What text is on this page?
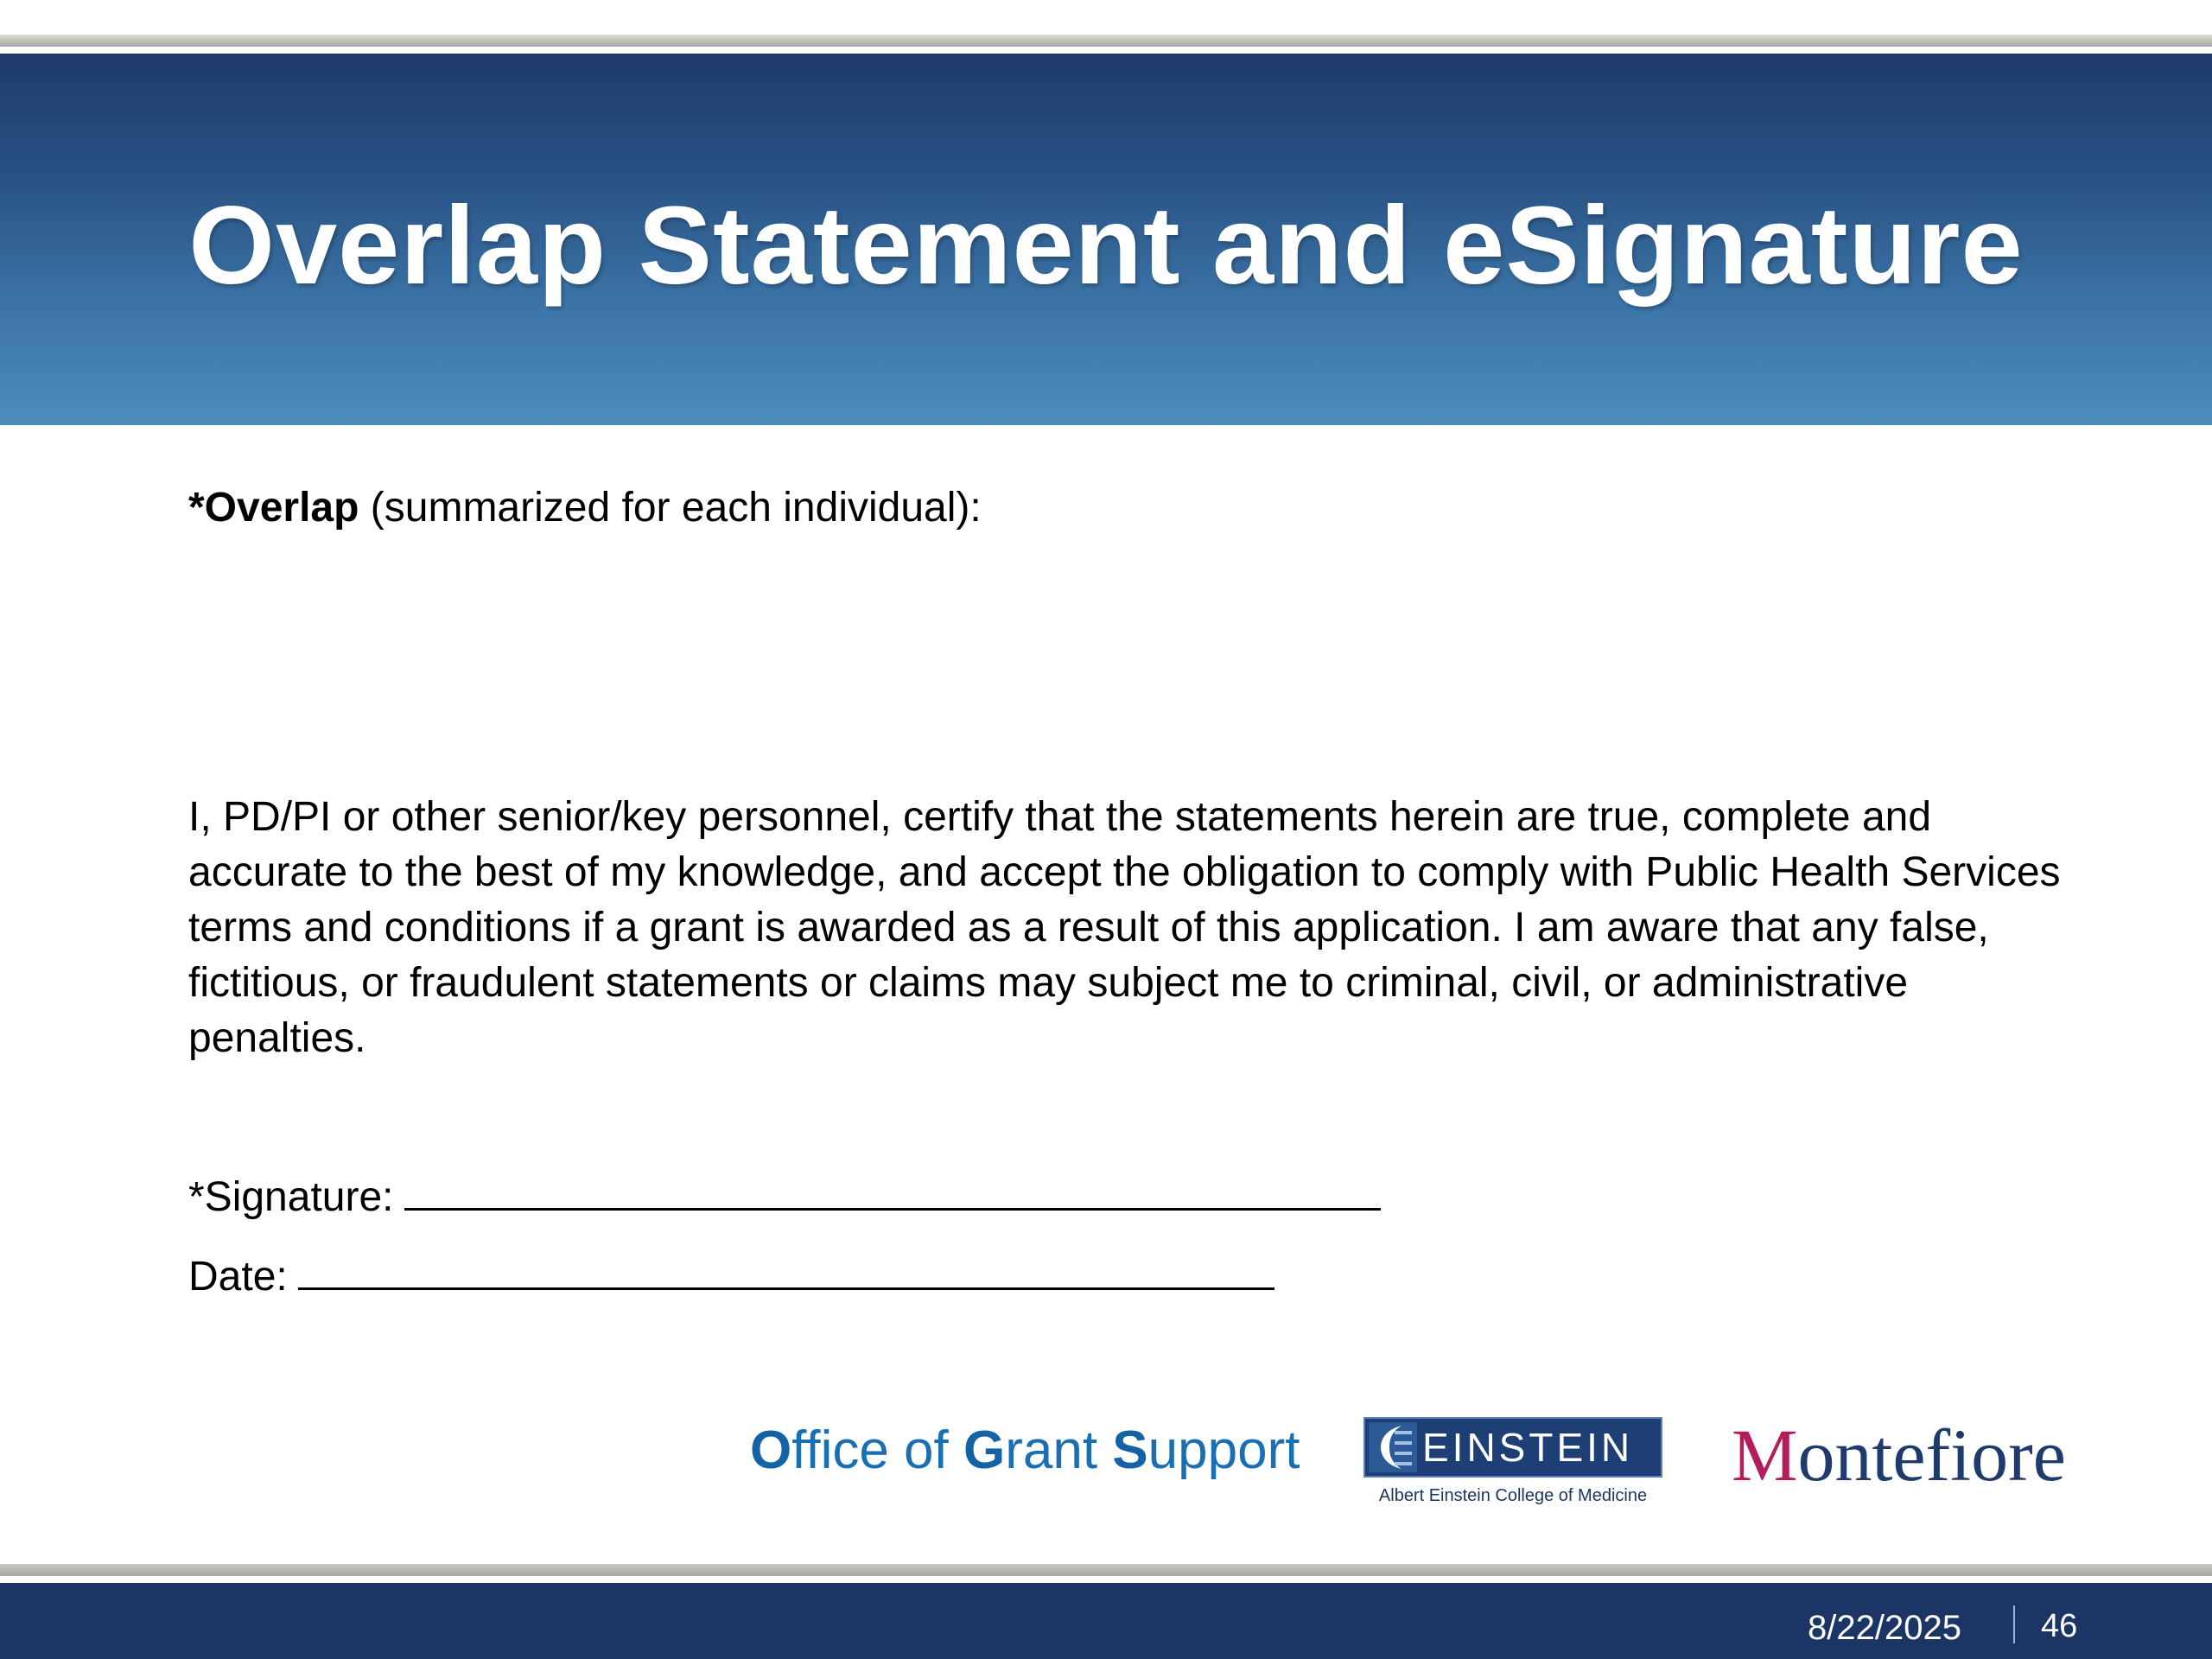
Overlap Statement and eSignature
*Overlap (summarized for each individual):
I, PD/PI or other senior/key personnel, certify that the statements herein are true, complete and accurate to the best of my knowledge, and accept the obligation to comply with Public Health Services terms and conditions if a grant is awarded as a result of this application. I am aware that any false, fictitious, or fraudulent statements or claims may subject me to criminal, civil, or administrative penalties.
*Signature:
Date:
Office of Grant Support	EINSTEIN
Albert Einstein College of Medicine Montefiore
8/22/2025 46
